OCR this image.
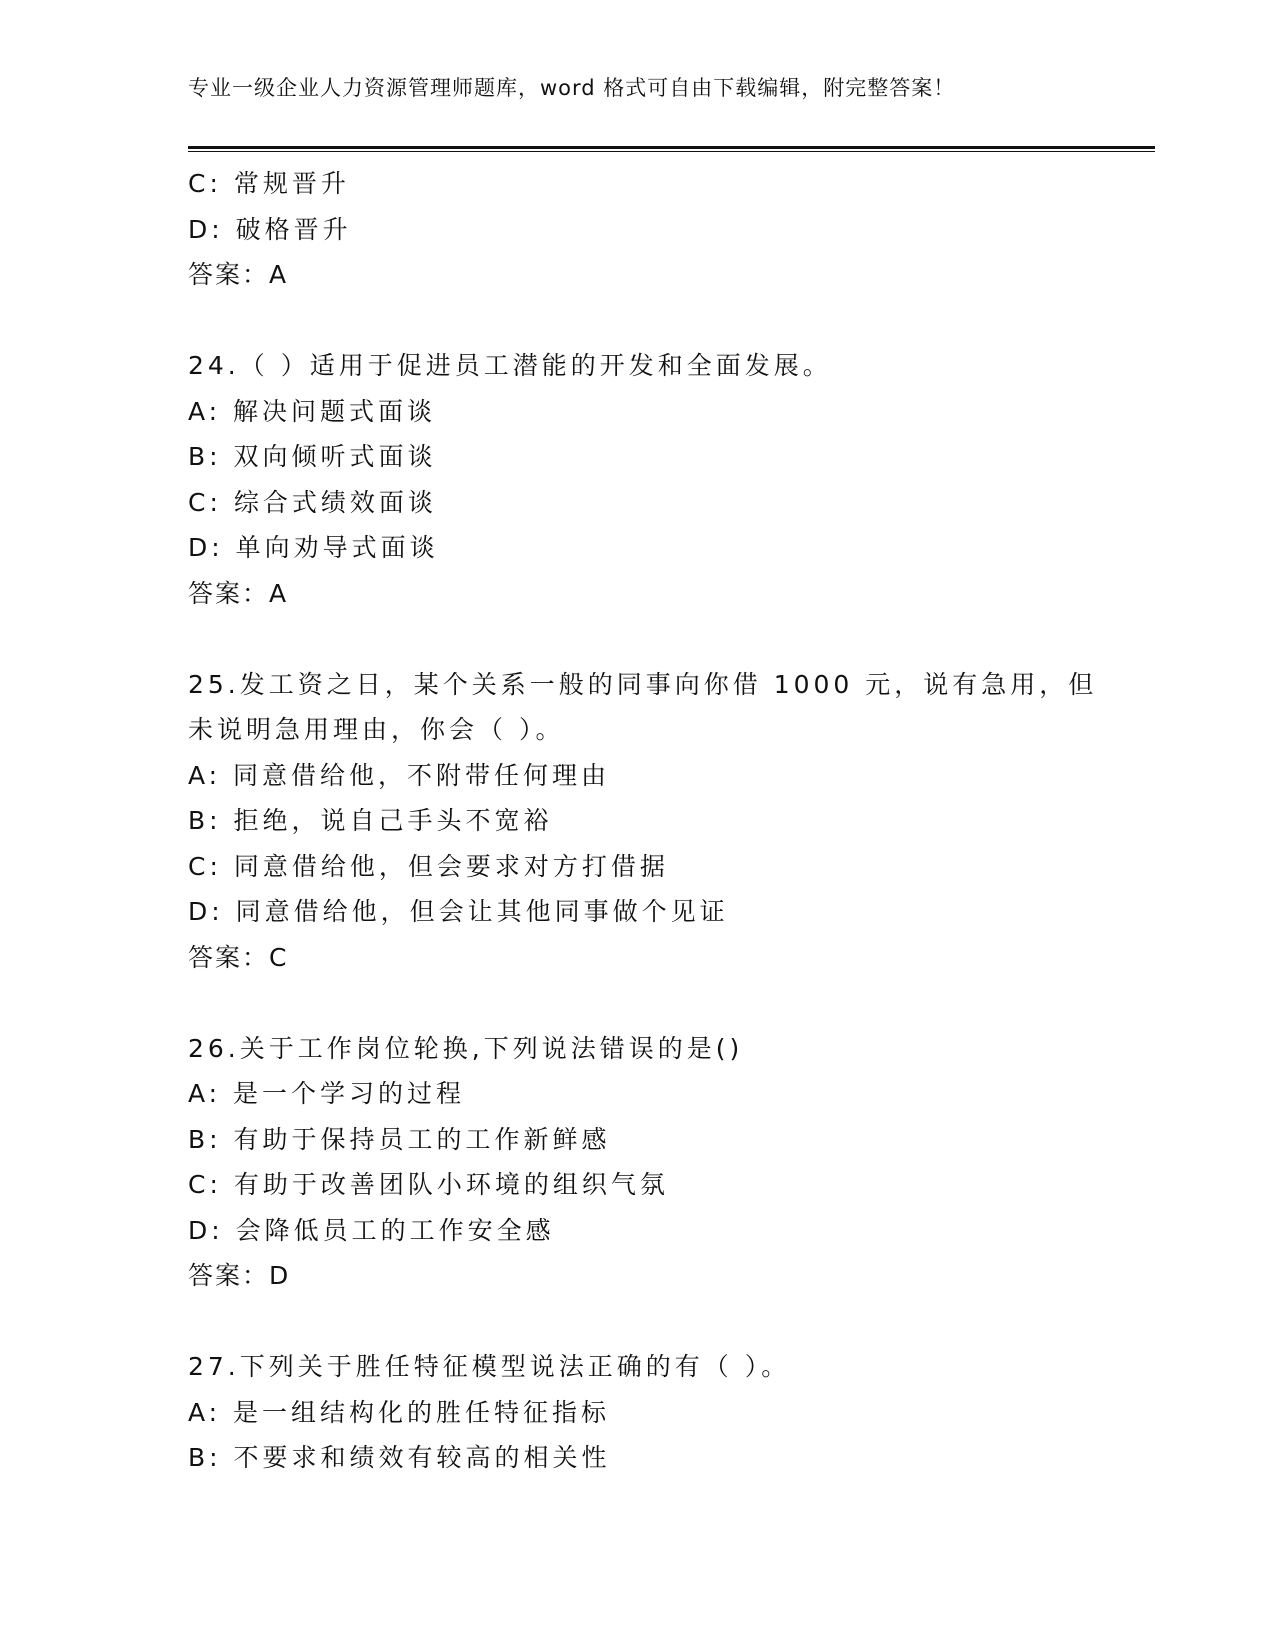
专业一级企业人力资源管理师题库，word 格式可自由下载编辑，附完整答案！
C: 常规晋升
D: 破格晋升
答案：A
24.（ ）适用于促进员工潜能的开发和全面发展。
A: 解决问题式面谈
B: 双向倾听式面谈
C: 综合式绩效面谈
D: 单向劝导式面谈
答案：A
25.发工资之日，某个关系一般的同事向你借 1000 元，说有急用，但
未说明急用理由，你会（ ）。
A: 同意借给他，不附带任何理由
B: 拒绝，说自己手头不宽裕
C: 同意借给他，但会要求对方打借据
D: 同意借给他，但会让其他同事做个见证
答案：C
26.关于工作岗位轮换,下列说法错误的是()
A: 是一个学习的过程
B: 有助于保持员工的工作新鲜感
C: 有助于改善团队小环境的组织气氛
D: 会降低员工的工作安全感
答案：D
27.下列关于胜任特征模型说法正确的有（ ）。
A: 是一组结构化的胜任特征指标
B: 不要求和绩效有较高的相关性
